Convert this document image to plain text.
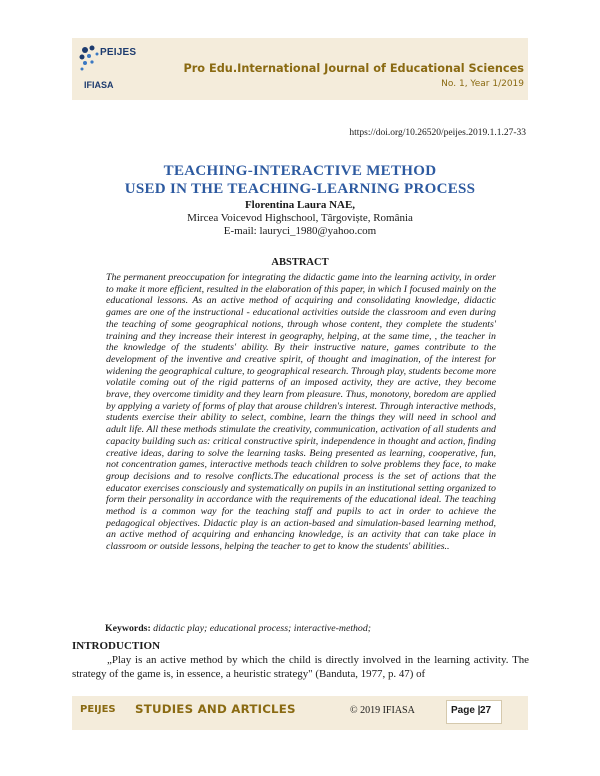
PEIJES
IFIASA
Pro Edu.International Journal of Educational Sciences
No. 1, Year 1/2019
https://doi.org/10.26520/peijes.2019.1.1.27-33
TEACHING-INTERACTIVE METHOD
USED IN THE TEACHING-LEARNING PROCESS
Florentina Laura NAE,
Mircea Voicevod Highschool, Târgoviște, România
E-mail: lauryci_1980@yahoo.com
ABSTRACT

The permanent preoccupation for integrating the didactic game into the learning activity, in order to make it more efficient, resulted in the elaboration of this paper, in which I focused mainly on the educational lessons. As an active method of acquiring and consolidating knowledge, didactic games are one of the instructional - educational activities outside the classroom and even during the teaching of some geographical notions, through whose content, they complete the students' training and they increase their interest in geography, helping, at the same time, , the teacher in the knowledge of the students' ability. By their instructive nature, games contribute to the development of the inventive and creative spirit, of thought and imagination, of the interest for widening the geographical culture, to geographical research. Through play, students become more volatile coming out of the rigid patterns of an imposed activity, they are active, they become brave, they overcome timidity and they learn from pleasure. Thus, monotony, boredom are applied by applying a variety of forms of play that arouse children's interest. Through interactive methods, students exercise their ability to select, combine, learn the things they will need in school and adult life. All these methods stimulate the creativity, communication, activation of all students and capacity building such as: critical constructive spirit, independence in thought and action, finding creative ideas, daring to solve the learning tasks. Being presented as learning, cooperative, fun, not concentration games, interactive methods teach children to solve problems they face, to make group decisions and to resolve conflicts.The educational process is the set of actions that the educator exercises consciously and systematically on pupils in an institutional setting organized to form their personality in accordance with the requirements of the educational ideal. The teaching method is a common way for the teaching staff and pupils to act in order to achieve the pedagogical objectives. Didactic play is an action-based and simulation-based learning method, an active method of acquiring and enhancing knowledge, is an activity that can take place in classroom or outside lessons, helping the teacher to get to know the students' abilities..

Keywords: didactic play; educational process; interactive-method;
INTRODUCTION

„Play is an active method by which the child is directly involved in the learning activity. The strategy of the game is, in essence, a heuristic strategy" (Banduta, 1977, p. 47) of

PEIJES STUDIES AND ARTICLES	© 2019 IFIASA	Page | 27
